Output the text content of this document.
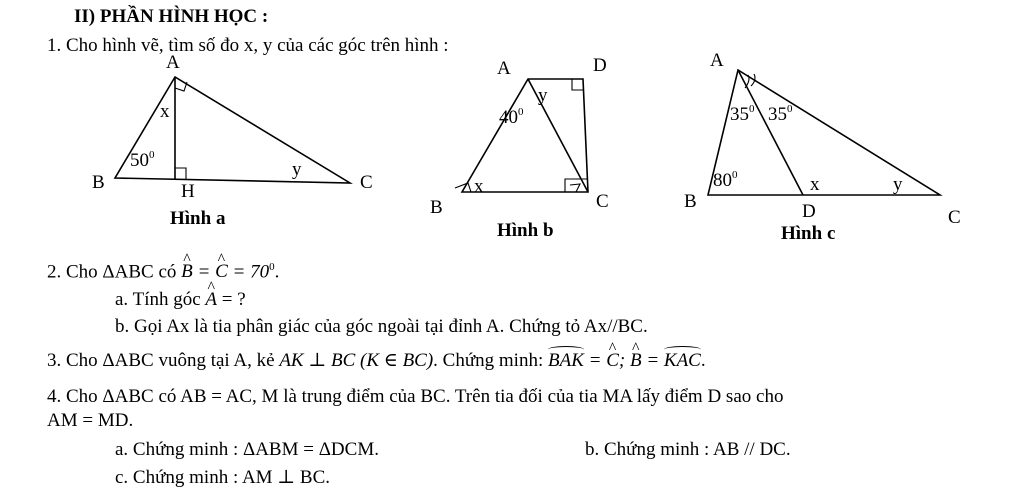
II) PHẦN HÌNH HỌC :
1. Cho hình vẽ, tìm số đo x, y của các góc trên hình :
Hình a
Hình b	Hình c
2. Cho ΔABC có ^ B = ^ $C = 70^0$.
a. Tính góc ^ A = ?
b. Gọi Ax là tia phân giác của góc ngoài tại đỉnh A. Chứng tỏ Ax//BC.
3. Cho ΔABC vuông tại A, kẻ AK ⊥ BC (K ∈ BC). Chứng minh: BAK = ^ C; ^ B = KAC.
4. Cho ΔABC có AB = AC, M là trung điểm của BC. Trên tia đối của tia MA lấy điểm D sao cho
AM = MD.
a. Chứng minh : ΔABM = ΔDCM.	b. Chứng minh : AB // DC.
c. Chứng minh : AM ⊥ BC.
A
B	C
H
x
y
$50^0$
A	D
B	C
x
y
$40^0$
A
B
C
D
x	y
$35^0$ $35^0$
$80^0$
